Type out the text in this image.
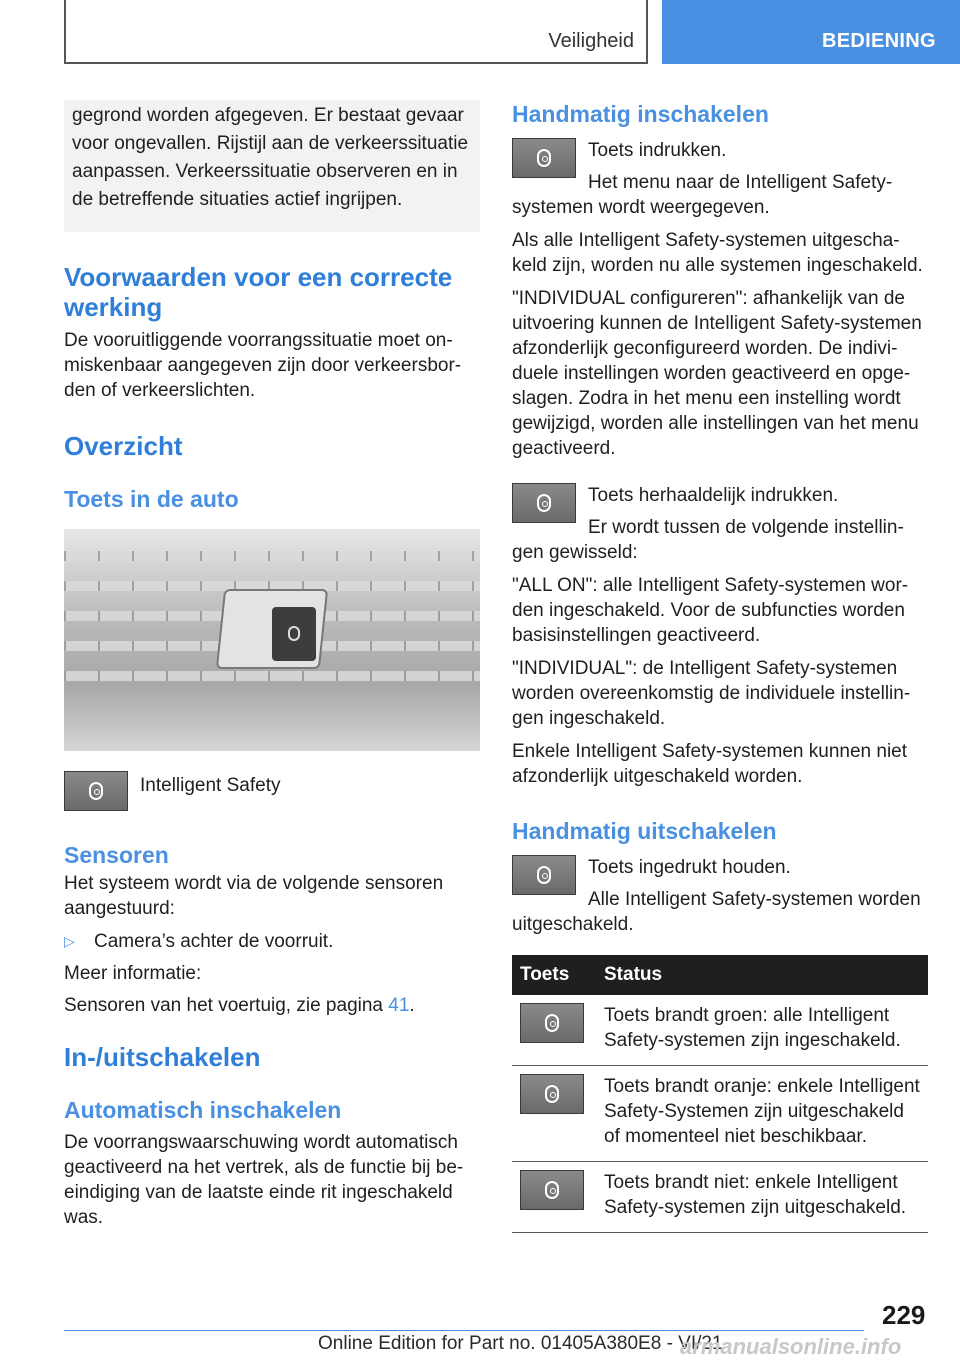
Veiligheid	BEDIENING
gegrond worden afgegeven. Er bestaat gevaar voor ongevallen. Rijstijl aan de verkeerssituatie aanpassen. Verkeerssituatie observeren en in de betreffende situaties actief ingrijpen.
Voorwaarden voor een correcte werking
De vooruitliggende voorrangssituatie moet onmiskenbaar aangegeven zijn door verkeersborden of verkeerslichten.
Overzicht
Toets in de auto
Intelligent Safety
Sensoren
Het systeem wordt via de volgende sensoren aangestuurd:
▷ Camera’s achter de voorruit.
Meer informatie:
Sensoren van het voertuig, zie pagina 41.
In-/uitschakelen
Automatisch inschakelen
De voorrangswaarschuwing wordt automatisch geactiveerd na het vertrek, als de functie bij beeindiging van de laatste einde rit ingeschakeld was.
Handmatig inschakelen
Toets indrukken.
Het menu naar de Intelligent Safety-systemen wordt weergegeven.
Als alle Intelligent Safety-systemen uitgeschakeld zijn, worden nu alle systemen ingeschakeld.
"INDIVIDUAL configureren": afhankelijk van de uitvoering kunnen de Intelligent Safety-systemen afzonderlijk geconfigureerd worden. De individuele instellingen worden geactiveerd en opgeslagen. Zodra in het menu een instelling wordt gewijzigd, worden alle instellingen van het menu geactiveerd.
Toets herhaaldelijk indrukken.
Er wordt tussen de volgende instellingen gewisseld:
"ALL ON": alle Intelligent Safety-systemen worden ingeschakeld. Voor de subfuncties worden basisinstellingen geactiveerd.
"INDIVIDUAL": de Intelligent Safety-systemen worden overeenkomstig de individuele instellingen ingeschakeld.
Enkele Intelligent Safety-systemen kunnen niet afzonderlijk uitgeschakeld worden.
Handmatig uitschakelen
Toets ingedrukt houden.
Alle Intelligent Safety-systemen worden uitgeschakeld.
Toets	Status

	Toets brandt groen: alle Intelligent Safety-systemen zijn ingeschakeld.

	Toets brandt oranje: enkele Intelligent Safety-Systemen zijn uitgeschakeld of momenteel niet beschikbaar.

	Toets brandt niet: enkele Intelligent Safety-systemen zijn uitgeschakeld.
229
Online Edition for Part no. 01405A380E8 - VI/21
armanualsonline.info
